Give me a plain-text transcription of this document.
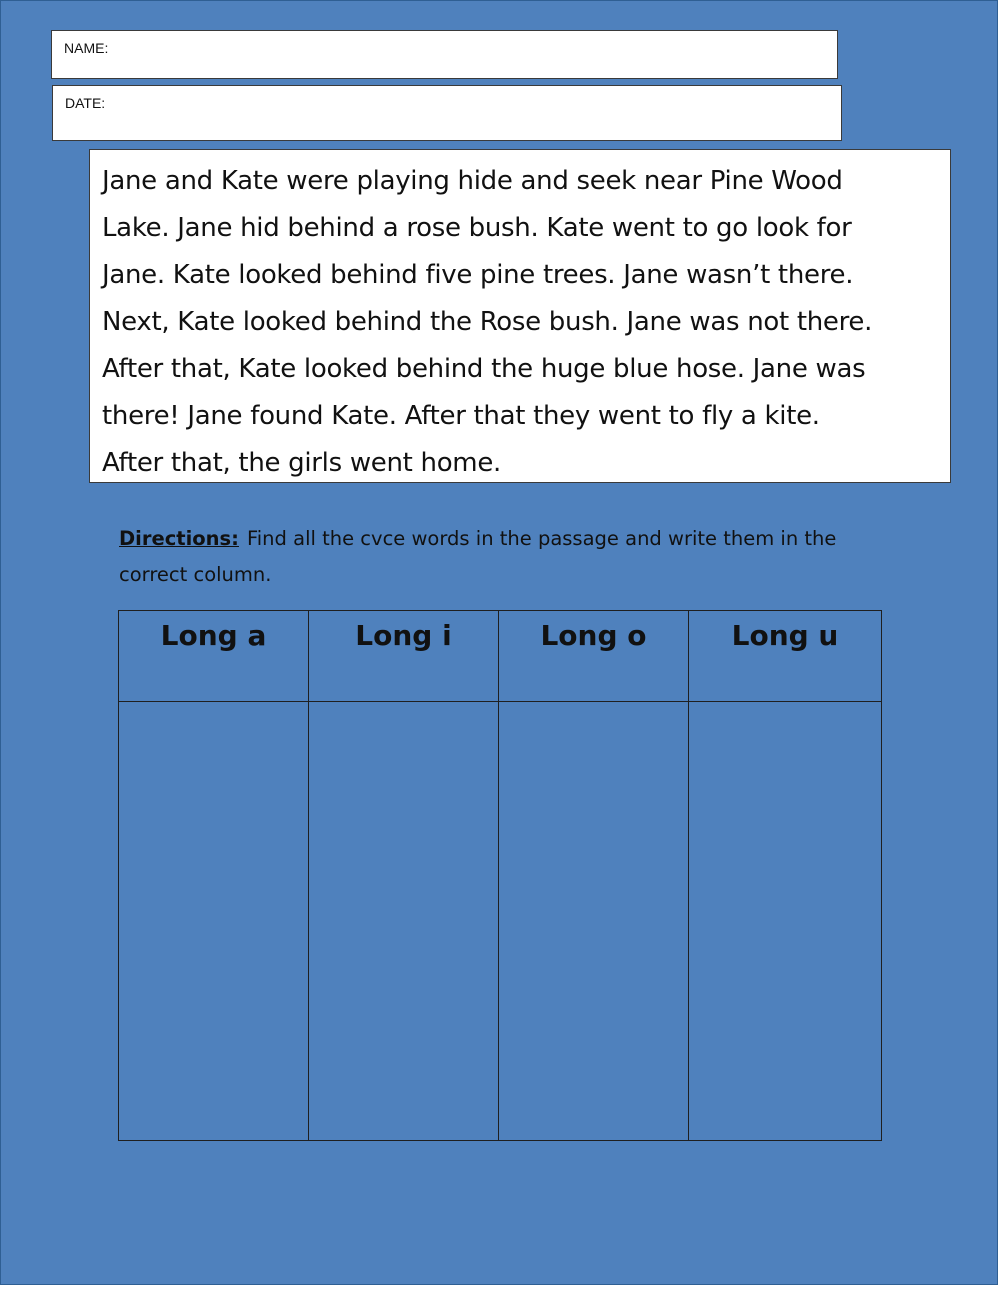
NAME:
DATE:
Jane and Kate were playing hide and seek near Pine Wood
Lake. Jane hid behind a rose bush. Kate went to go look for
Jane. Kate looked behind five pine trees. Jane wasn’t there.
Next, Kate looked behind the Rose bush. Jane was not there.
After that, Kate looked behind the huge blue hose. Jane was
there! Jane found Kate. After that they went to fly a kite.
After that, the girls went home.
Directions: Find all the cvce words in the passage and write them in the correct column.
Long a	Long i	Long o	Long u
